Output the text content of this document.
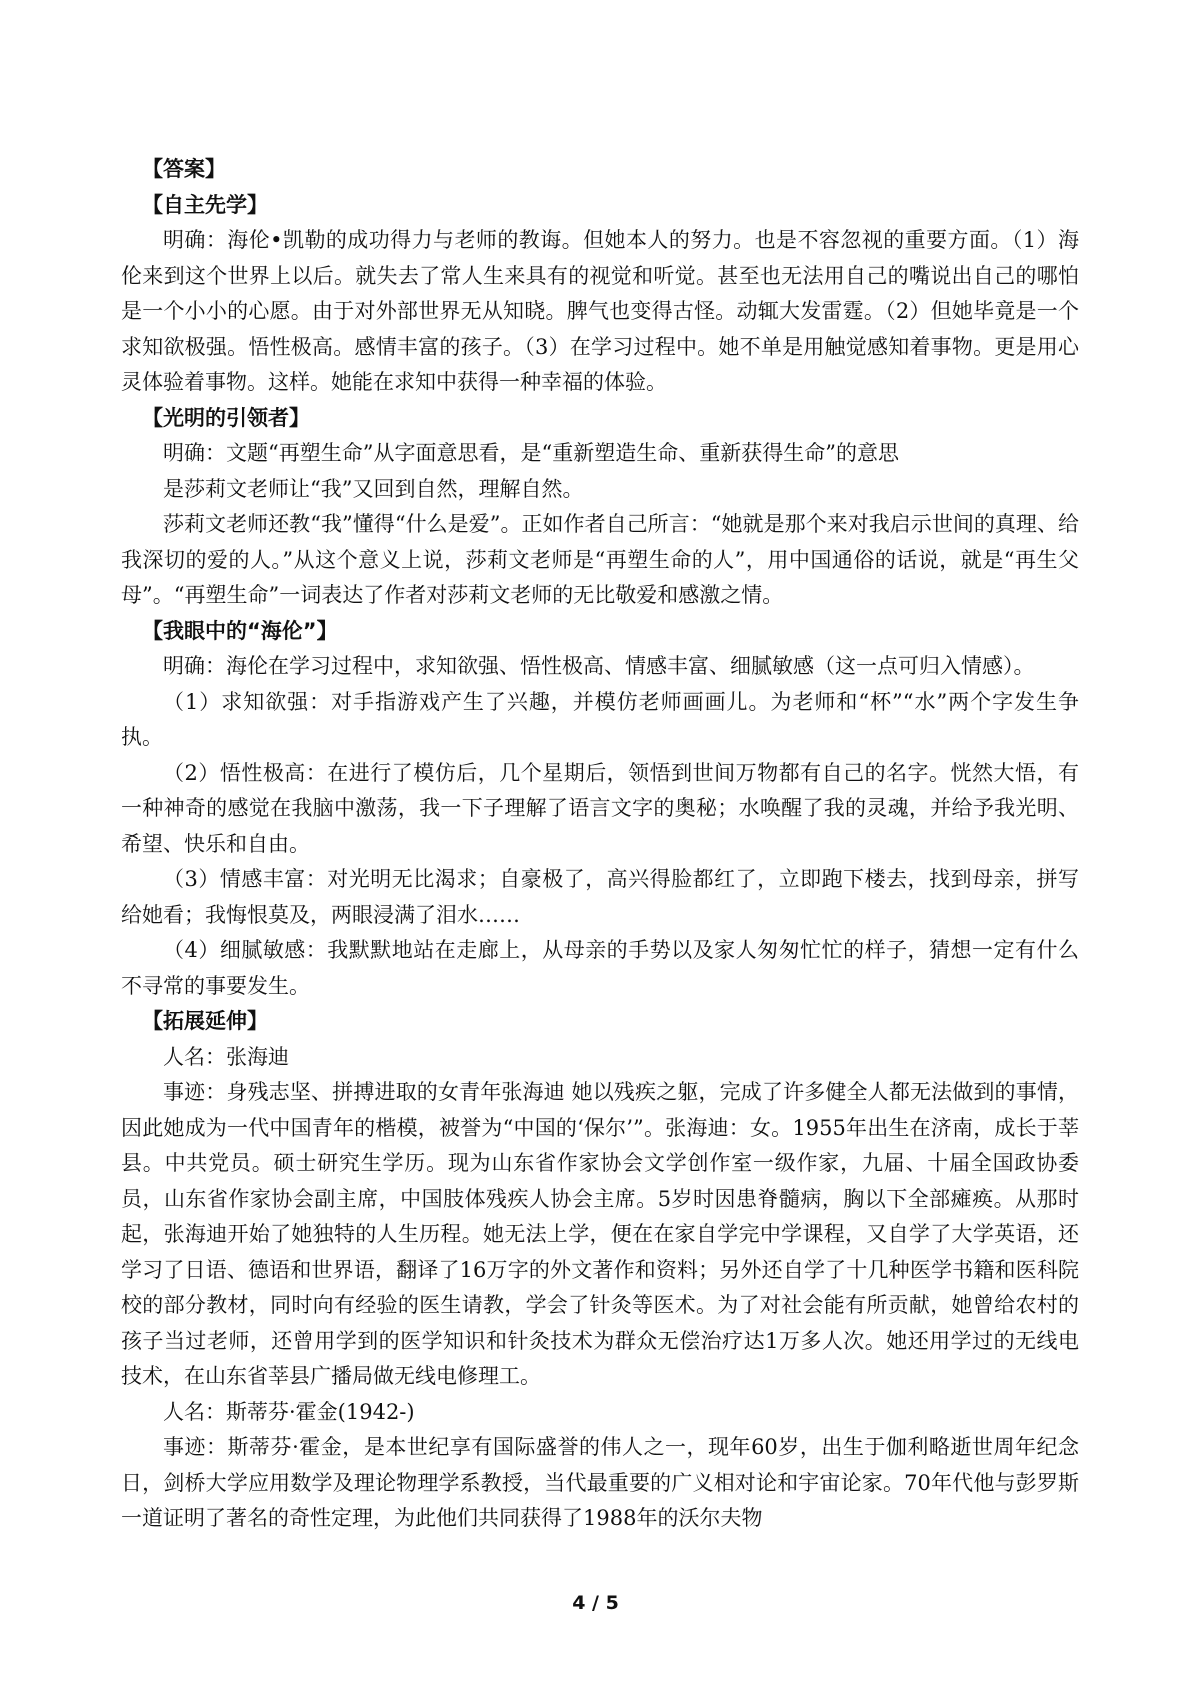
【答案】
【自主先学】

明确：海伦•凯勒的成功得力与老师的教诲。但她本人的努力。也是不容忽视的重要方面。（1）海伦来到这个世界上以后。就失去了常人生来具有的视觉和听觉。甚至也无法用自己的嘴说出自己的哪怕是一个小小的心愿。由于对外部世界无从知晓。脾气也变得古怪。动辄大发雷霆。（2）但她毕竟是一个求知欲极强。悟性极高。感情丰富的孩子。（3）在学习过程中。她不单是用触觉感知着事物。更是用心灵体验着事物。这样。她能在求知中获得一种幸福的体验。

【光明的引领者】

明确：文题“再塑生命”从字面意思看，是“重新塑造生命、重新获得生命”的意思

是莎莉文老师让“我”又回到自然，理解自然。

莎莉文老师还教“我”懂得“什么是爱”。正如作者自己所言：“她就是那个来对我启示世间的真理、给我深切的爱的人。”从这个意义上说，莎莉文老师是“再塑生命的人”，用中国通俗的话说，就是“再生父母”。“再塑生命”一词表达了作者对莎莉文老师的无比敬爱和感激之情。

【我眼中的“海伦”】

明确：海伦在学习过程中，求知欲强、悟性极高、情感丰富、细腻敏感（这一点可归入情感）。

（1）求知欲强：对手指游戏产生了兴趣，并模仿老师画画儿。为老师和“杯”“水”两个字发生争执。

（2）悟性极高：在进行了模仿后，几个星期后，领悟到世间万物都有自己的名字。恍然大悟，有一种神奇的感觉在我脑中激荡，我一下子理解了语言文字的奥秘；水唤醒了我的灵魂，并给予我光明、希望、快乐和自由。

（3）情感丰富：对光明无比渴求；自豪极了，高兴得脸都红了，立即跑下楼去，找到母亲，拼写给她看；我悔恨莫及，两眼浸满了泪水……

（4）细腻敏感：我默默地站在走廊上，从母亲的手势以及家人匆匆忙忙的样子，猜想一定有什么不寻常的事要发生。

【拓展延伸】

人名：张海迪

事迹：身残志坚、拼搏进取的女青年张海迪 她以残疾之躯，完成了许多健全人都无法做到的事情，因此她成为一代中国青年的楷模，被誉为“中国的‘保尔’”。张海迪：女。1955年出生在济南，成长于莘县。中共党员。硕士研究生学历。现为山东省作家协会文学创作室一级作家，九届、十届全国政协委员，山东省作家协会副主席，中国肢体残疾人协会主席。5岁时因患脊髓病，胸以下全部瘫痪。从那时起，张海迪开始了她独特的人生历程。她无法上学，便在在家自学完中学课程，又自学了大学英语，还学习了日语、德语和世界语，翻译了16万字的外文著作和资料；另外还自学了十几种医学书籍和医科院校的部分教材，同时向有经验的医生请教，学会了针灸等医术。为了对社会能有所贡献，她曾给农村的孩子当过老师，还曾用学到的医学知识和针灸技术为群众无偿治疗达1万多人次。她还用学过的无线电技术，在山东省莘县广播局做无线电修理工。

人名：斯蒂芬·霍金(1942-)

事迹：斯蒂芬·霍金，是本世纪享有国际盛誉的伟人之一，现年60岁，出生于伽利略逝世周年纪念日，剑桥大学应用数学及理论物理学系教授，当代最重要的广义相对论和宇宙论家。70年代他与彭罗斯一道证明了著名的奇性定理，为此他们共同获得了1988年的沃尔夫物

4 / 5
